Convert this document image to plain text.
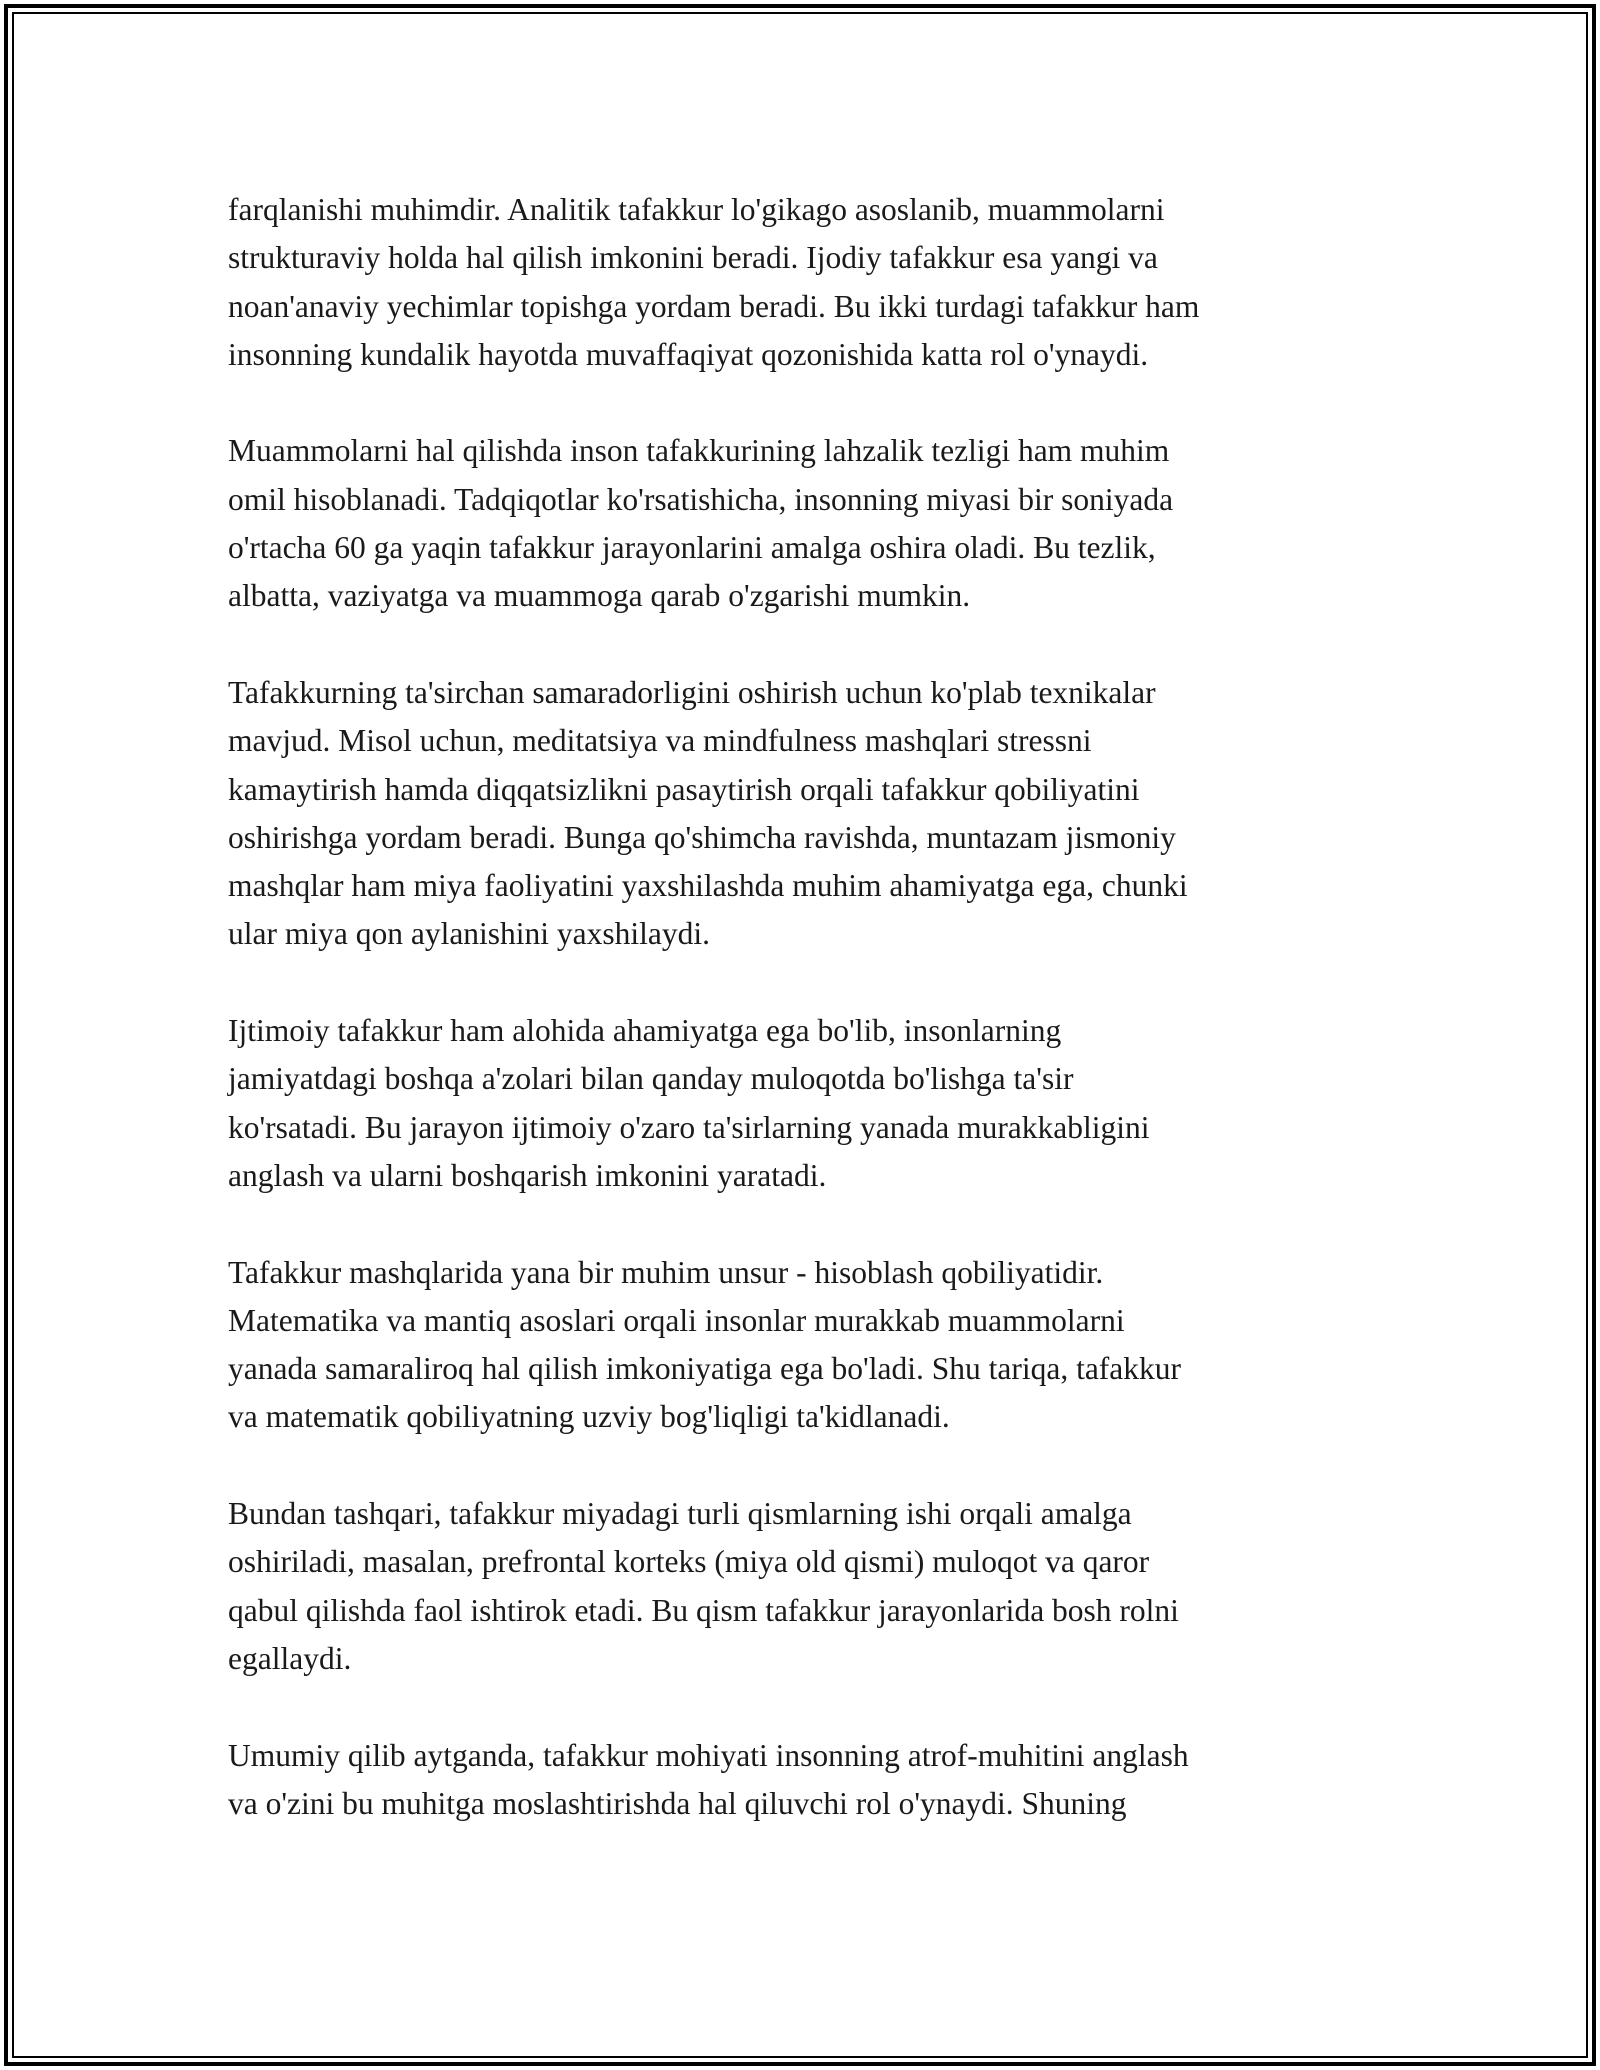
farqlanishi muhimdir. Analitik tafakkur lo'gikago asoslanib, muammolarni
strukturaviy holda hal qilish imkonini beradi. Ijodiy tafakkur esa yangi va
noan'anaviy yechimlar topishga yordam beradi. Bu ikki turdagi tafakkur ham
insonning kundalik hayotda muvaffaqiyat qozonishida katta rol o'ynaydi.

Muammolarni hal qilishda inson tafakkurining lahzalik tezligi ham muhim
omil hisoblanadi. Tadqiqotlar ko'rsatishicha, insonning miyasi bir soniyada
o'rtacha 60 ga yaqin tafakkur jarayonlarini amalga oshira oladi. Bu tezlik,
albatta, vaziyatga va muammoga qarab o'zgarishi mumkin.

Tafakkurning ta'sirchan samaradorligini oshirish uchun ko'plab texnikalar
mavjud. Misol uchun, meditatsiya va mindfulness mashqlari stressni
kamaytirish hamda diqqatsizlikni pasaytirish orqali tafakkur qobiliyatini
oshirishga yordam beradi. Bunga qo'shimcha ravishda, muntazam jismoniy
mashqlar ham miya faoliyatini yaxshilashda muhim ahamiyatga ega, chunki
ular miya qon aylanishini yaxshilaydi.

Ijtimoiy tafakkur ham alohida ahamiyatga ega bo'lib, insonlarning
jamiyatdagi boshqa a'zolari bilan qanday muloqotda bo'lishga ta'sir
ko'rsatadi. Bu jarayon ijtimoiy o'zaro ta'sirlarning yanada murakkabligini
anglash va ularni boshqarish imkonini yaratadi.

Tafakkur mashqlarida yana bir muhim unsur - hisoblash qobiliyatidir.
Matematika va mantiq asoslari orqali insonlar murakkab muammolarni
yanada samaraliroq hal qilish imkoniyatiga ega bo'ladi. Shu tariqa, tafakkur
va matematik qobiliyatning uzviy bog'liqligi ta'kidlanadi.

Bundan tashqari, tafakkur miyadagi turli qismlarning ishi orqali amalga
oshiriladi, masalan, prefrontal korteks (miya old qismi) muloqot va qaror
qabul qilishda faol ishtirok etadi. Bu qism tafakkur jarayonlarida bosh rolni
egallaydi.

Umumiy qilib aytganda, tafakkur mohiyati insonning atrof-muhitini anglash
va o'zini bu muhitga moslashtirishda hal qiluvchi rol o'ynaydi. Shuning
